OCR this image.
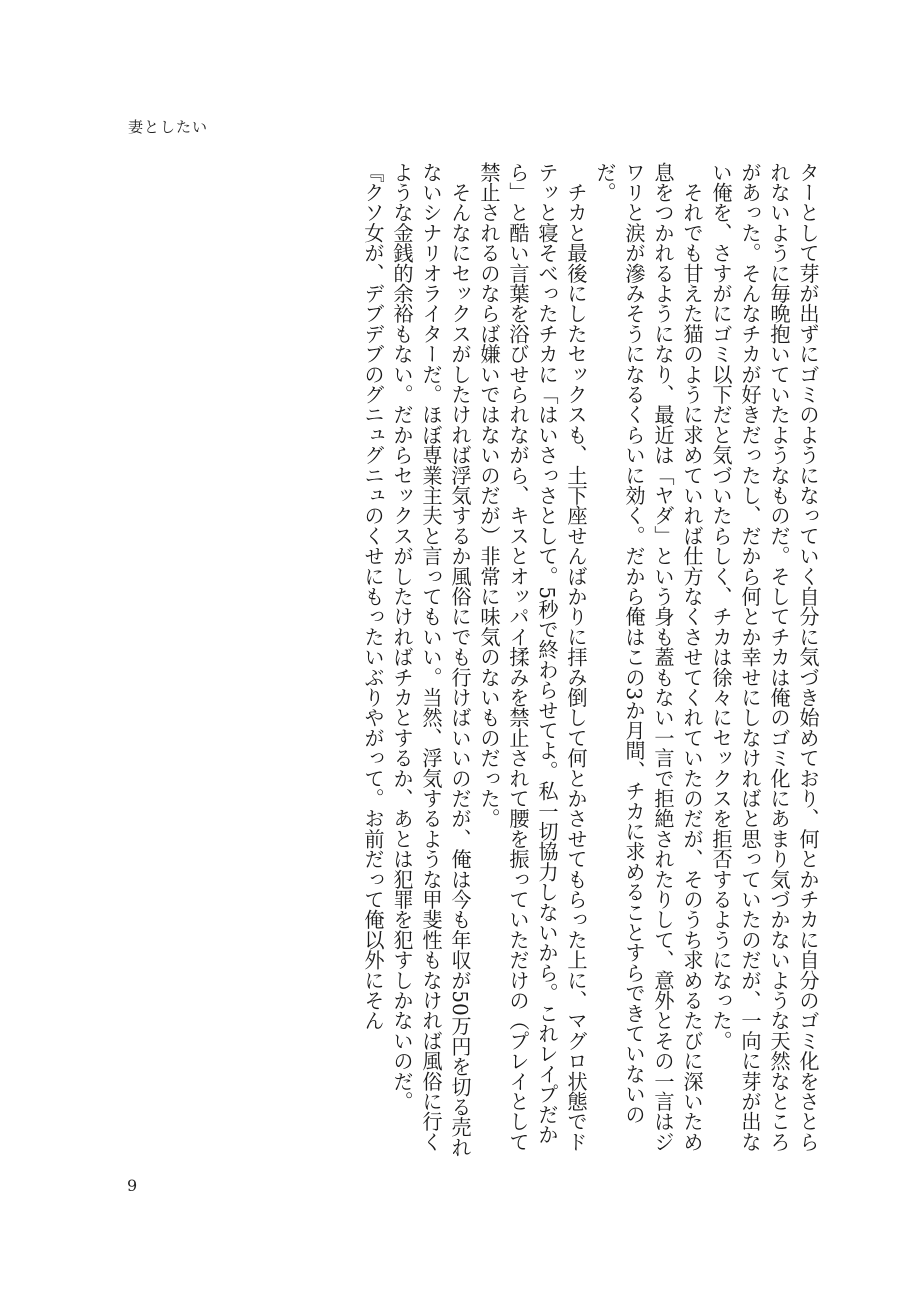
妻としたい

ターとして芽が出ずにゴミのようになっていく自分に気づき始めており、何とかチカに自分のゴミ化をさとられないように毎晩抱いていたようなものだ。そしてチカは俺のゴミ化にあまり気づかないような天然なところがあった。そんなチカが好きだったし、だから何とか幸せにしなければと思っていたのだが、一向に芽が出ない俺を、さすがにゴミ以下だと気づいたらしく、チカは徐々にセックスを拒否するようになった。

　それでも甘えた猫のように求めていれば仕方なくさせてくれていたのだが、そのうち求めるたびに深いため息をつかれるようになり、最近は「ヤダ」という身も蓋もない一言で拒絶されたりして、意外とその一言はジワリと涙が滲みそうになるくらいに効く。だから俺はこの3か月間、チカに求めることすらできていないのだ。

　チカと最後にしたセックスも、土下座せんばかりに拝み倒して何とかさせてもらった上に、マグロ状態でドテッと寝そべったチカに「はいさっさとして。5秒で終わらせてよ。私一切協力しないから。これレイプだから」と酷い言葉を浴びせられながら、キスとオッパイ揉みを禁止されて腰を振っていただけの（プレイとして禁止されるのならば嫌いではないのだが）非常に味気のないものだった。

　そんなにセックスがしたければ浮気するか風俗にでも行けばいいのだが、俺は今も年収が50万円を切る売れないシナリオライターだ。ほぼ専業主夫と言ってもいい。当然、浮気するような甲斐性もなければ風俗に行くような金銭的余裕もない。だからセックスがしたければチカとするか、あとは犯罪を犯すしかないのだ。

『クソ女が、デブデブのグニュグニュのくせにもったいぶりやがって。お前だって俺以外にそん

9
